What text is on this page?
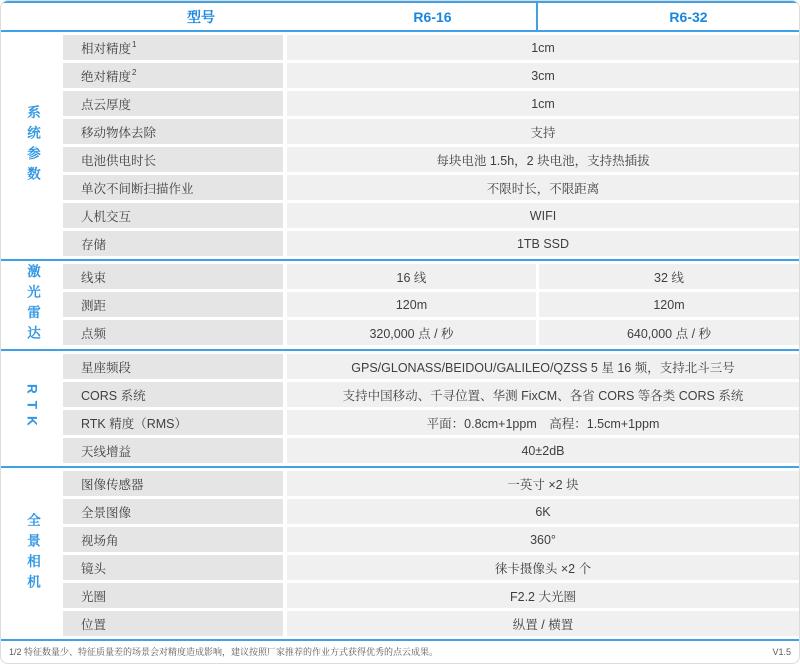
型号	R6-16	R6-32
系统参数
相对精度$^1$	1cm
绝对精度$^2$	3cm
点云厚度	1cm
移动物体去除	支持
电池供电时长	每块电池 1.5h，2 块电池，支持热插拔
单次不间断扫描作业	不限时长，不限距离
人机交互	WIFI
存储	1TB SSD
激光雷达	线束	16 线	32 线
测距	120m	120m
点频	320,000 点 / 秒	640,000 点 / 秒
RTK
星座频段	GPS/GLONASS/BEIDOU/GALILEO/QZSS 5 星 16 频，支持北斗三号
CORS 系统	支持中国移动、千寻位置、华测 FixCM、各省 CORS 等各类 CORS 系统
RTK 精度（RMS）	平面：0.8cm+1ppm　高程：1.5cm+1ppm
天线增益	40±2dB
全景相机
图像传感器	一英寸 ×2 块
全景图像	6K
视场角	360°
镜头	徕卡摄像头 ×2 个
光圈	F2.2 大光圈
位置	纵置 / 横置
1/2 特征数量少、特征质量差的场景会对精度造成影响，建议按照厂家推荐的作业方式获得优秀的点云成果。	V1.5
